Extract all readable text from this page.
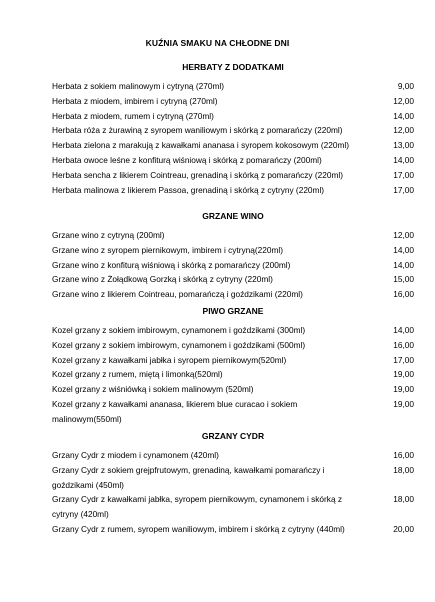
KUŹNIA SMAKU NA CHŁODNE DNI
HERBATY Z DODATKAMI
Herbata z sokiem malinowym i cytryną (270ml)	9,00
Herbata z miodem, imbirem i cytryną (270ml)	12,00
Herbata z miodem, rumem i cytryną (270ml)	14,00
Herbata róża z żurawiną z syropem waniliowym i skórką z pomarańczy (220ml)	12,00
Herbata zielona z marakują z kawałkami ananasa i syropem kokosowym (220ml)	13,00
Herbata owoce leśne z konfiturą wiśniową i skórką z pomarańczy (200ml)	14,00
Herbata sencha z likierem Cointreau, grenadiną i skórką z pomarańczy (220ml)	17,00
Herbata malinowa z likierem Passoa, grenadiną i skórką z cytryny (220ml)	17,00
GRZANE WINO
Grzane wino z cytryną (200ml)	12,00
Grzane wino z syropem piernikowym, imbirem i cytryną(220ml)	14,00
Grzane wino z konfiturą wiśniową i skórką z pomarańczy (200ml)	14,00
Grzane wino z Żołądkową Gorzką i skórką z cytryny (220ml)	15,00
Grzane wino z likierem Cointreau, pomarańczą i goździkami (220ml)	16,00
PIWO GRZANE
Kozel grzany z sokiem imbirowym, cynamonem i goździkami (300ml)	14,00
Kozel grzany z sokiem imbirowym, cynamonem i goździkami (500ml)	16,00
Kozel grzany z kawałkami jabłka i syropem piernikowym(520ml)	17,00
Kozel grzany z rumem, miętą i limonką(520ml)	19,00
Kozel grzany z wiśniówką i sokiem malinowym (520ml)	19,00
Kozel grzany z kawałkami ananasa, likierem blue curacao i sokiem malinowym(550ml)
19,00
GRZANY CYDR
Grzany Cydr z miodem i cynamonem (420ml)	16,00
Grzany Cydr z sokiem grejpfrutowym, grenadiną, kawałkami pomarańczy i goździkami (450ml)
18,00
Grzany Cydr z kawałkami jabłka, syropem piernikowym, cynamonem i skórką z cytryny (420ml)
18,00
Grzany Cydr z rumem, syropem waniliowym, imbirem i skórką z cytryny (440ml)	20,00
